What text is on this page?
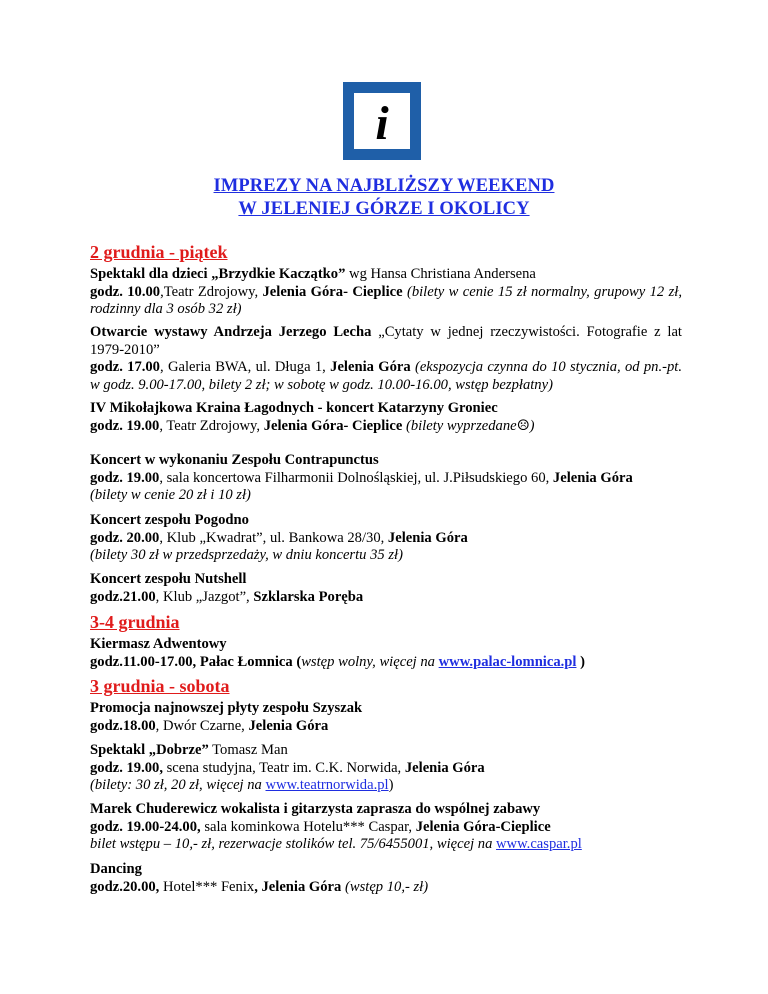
i
IMPREZY NA NAJBLIŻSZY WEEKEND
W JELENIEJ GÓRZE I OKOLICY
2 grudnia - piątek

Spektakl dla dzieci „Brzydkie Kaczątko” wg Hansa Christiana Andersena

godz. 10.00,Teatr Zdrojowy, Jelenia Góra- Cieplice (bilety w cenie 15 zł normalny, grupowy 12 zł, rodzinny dla 3 osób 32 zł)

Otwarcie wystawy Andrzeja Jerzego Lecha „Cytaty w jednej rzeczywistości. Fotografie z lat 1979-2010”

godz. 17.00, Galeria BWA, ul. Długa 1, Jelenia Góra (ekspozycja czynna do 10 stycznia, od pn.-pt. w godz. 9.00-17.00, bilety 2 zł; w sobotę w godz. 10.00-16.00, wstęp bezpłatny)

IV Mikołajkowa Kraina Łagodnych - koncert Katarzyny Groniec

godz. 19.00, Teatr Zdrojowy, Jelenia Góra- Cieplice (bilety wyprzedane☹)

Koncert w wykonaniu Zespołu Contrapunctus

godz. 19.00, sala koncertowa Filharmonii Dolnośląskiej, ul. J.Piłsudskiego 60, Jelenia Góra

(bilety w cenie 20 zł i 10 zł)

Koncert zespołu Pogodno

godz. 20.00, Klub „Kwadrat”, ul. Bankowa 28/30, Jelenia Góra

(bilety 30 zł w przedsprzedaży, w dniu koncertu 35 zł)

Koncert zespołu Nutshell

godz.21.00, Klub „Jazgot”, Szklarska Poręba

3-4 grudnia

Kiermasz Adwentowy

godz.11.00-17.00, Pałac Łomnica (wstęp wolny, więcej na www.palac-lomnica.pl )

3 grudnia - sobota

Promocja najnowszej płyty zespołu Szyszak

godz.18.00, Dwór Czarne, Jelenia Góra

Spektakl „Dobrze” Tomasz Man

godz. 19.00, scena studyjna, Teatr im. C.K. Norwida, Jelenia Góra

(bilety: 30 zł, 20 zł, więcej na www.teatrnorwida.pl)

Marek Chuderewicz wokalista i gitarzysta zaprasza do wspólnej zabawy

godz. 19.00-24.00, sala kominkowa Hotelu*** Caspar, Jelenia Góra-Cieplice

bilet wstępu – 10,- zł, rezerwacje stolików tel. 75/6455001, więcej na www.caspar.pl

Dancing

godz.20.00, Hotel*** Fenix, Jelenia Góra (wstęp 10,- zł)
